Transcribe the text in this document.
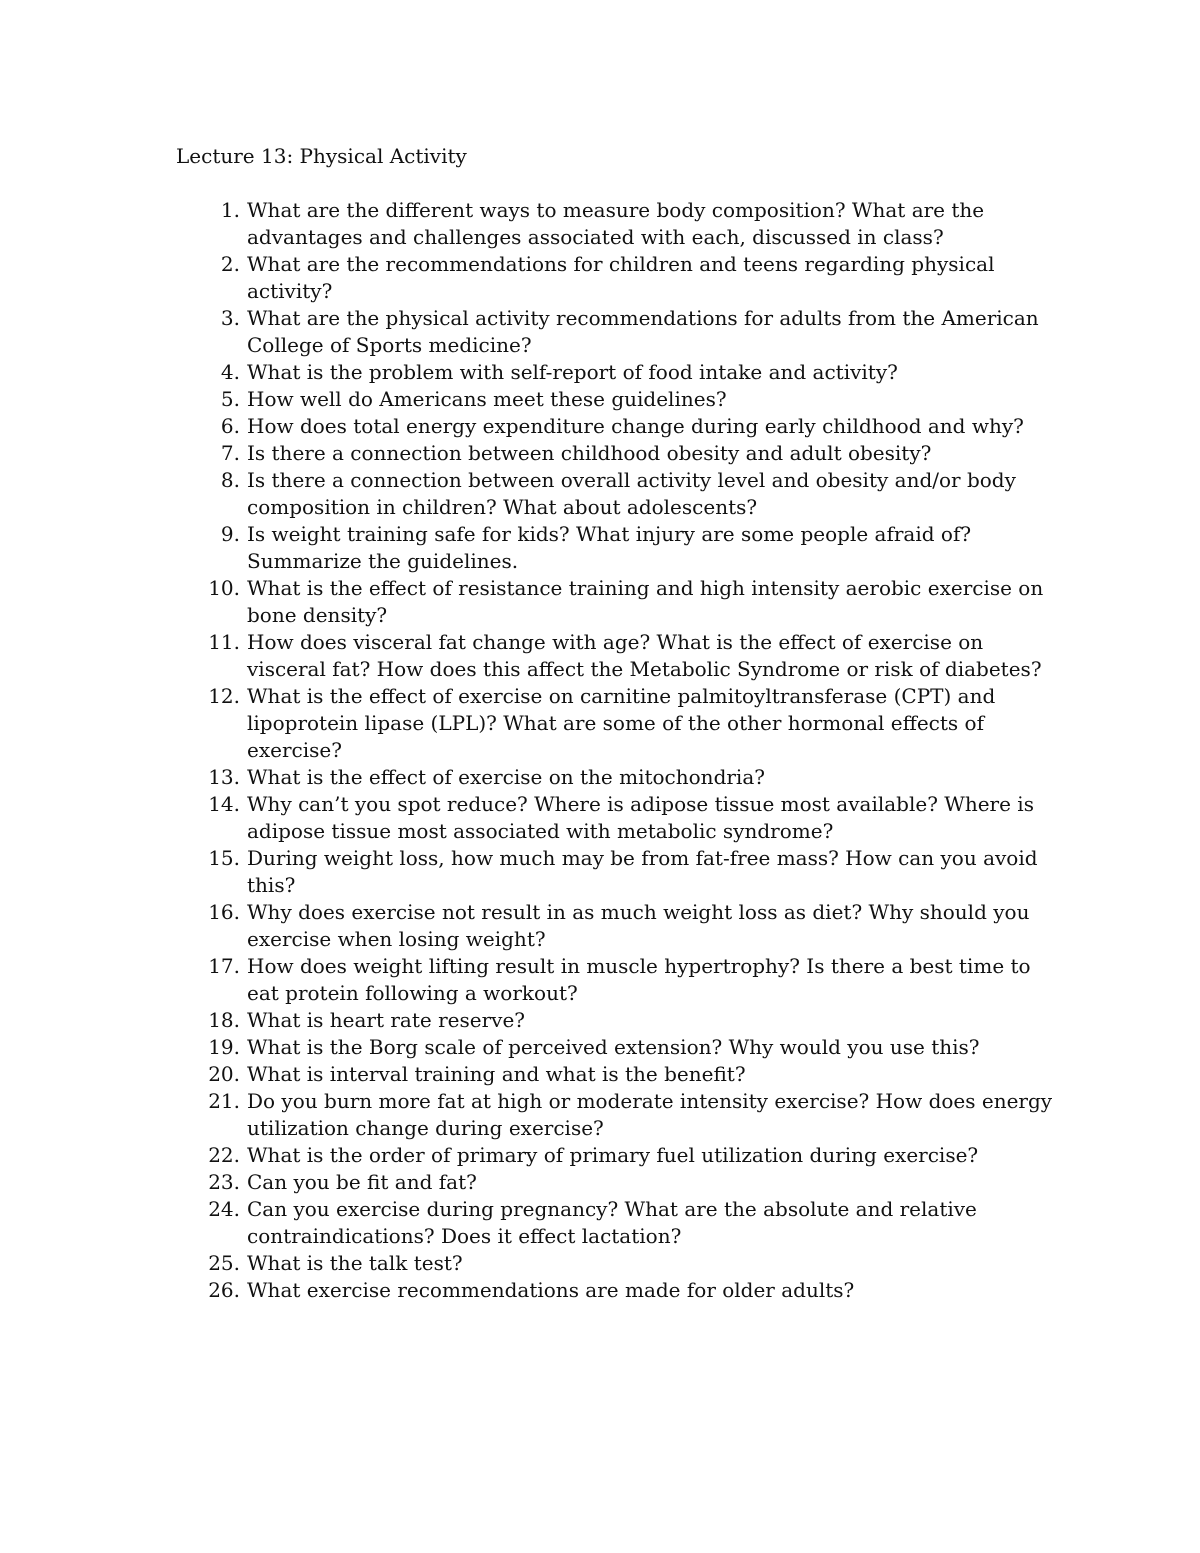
Lecture 13: Physical Activity
1. What are the different ways to measure body composition? What are the advantages and challenges associated with each, discussed in class?
2. What are the recommendations for children and teens regarding physical activity?
3. What are the physical activity recommendations for adults from the American College of Sports medicine?
4. What is the problem with self-report of food intake and activity?
5. How well do Americans meet these guidelines?
6. How does total energy expenditure change during early childhood and why?
7. Is there a connection between childhood obesity and adult obesity?
8. Is there a connection between overall activity level and obesity and/or body composition in children? What about adolescents?
9. Is weight training safe for kids? What injury are some people afraid of? Summarize the guidelines.
10. What is the effect of resistance training and high intensity aerobic exercise on bone density?
11. How does visceral fat change with age? What is the effect of exercise on visceral fat? How does this affect the Metabolic Syndrome or risk of diabetes?
12. What is the effect of exercise on carnitine palmitoyltransferase (CPT) and lipoprotein lipase (LPL)? What are some of the other hormonal effects of exercise?
13. What is the effect of exercise on the mitochondria?
14. Why can’t you spot reduce? Where is adipose tissue most available? Where is adipose tissue most associated with metabolic syndrome?
15. During weight loss, how much may be from fat-free mass? How can you avoid this?
16. Why does exercise not result in as much weight loss as diet? Why should you exercise when losing weight?
17. How does weight lifting result in muscle hypertrophy? Is there a best time to eat protein following a workout?
18. What is heart rate reserve?
19. What is the Borg scale of perceived extension? Why would you use this?
20. What is interval training and what is the benefit?
21. Do you burn more fat at high or moderate intensity exercise? How does energy utilization change during exercise?
22. What is the order of primary of primary fuel utilization during exercise?
23. Can you be fit and fat?
24. Can you exercise during pregnancy? What are the absolute and relative contraindications? Does it effect lactation?
25. What is the talk test?
26. What exercise recommendations are made for older adults?
